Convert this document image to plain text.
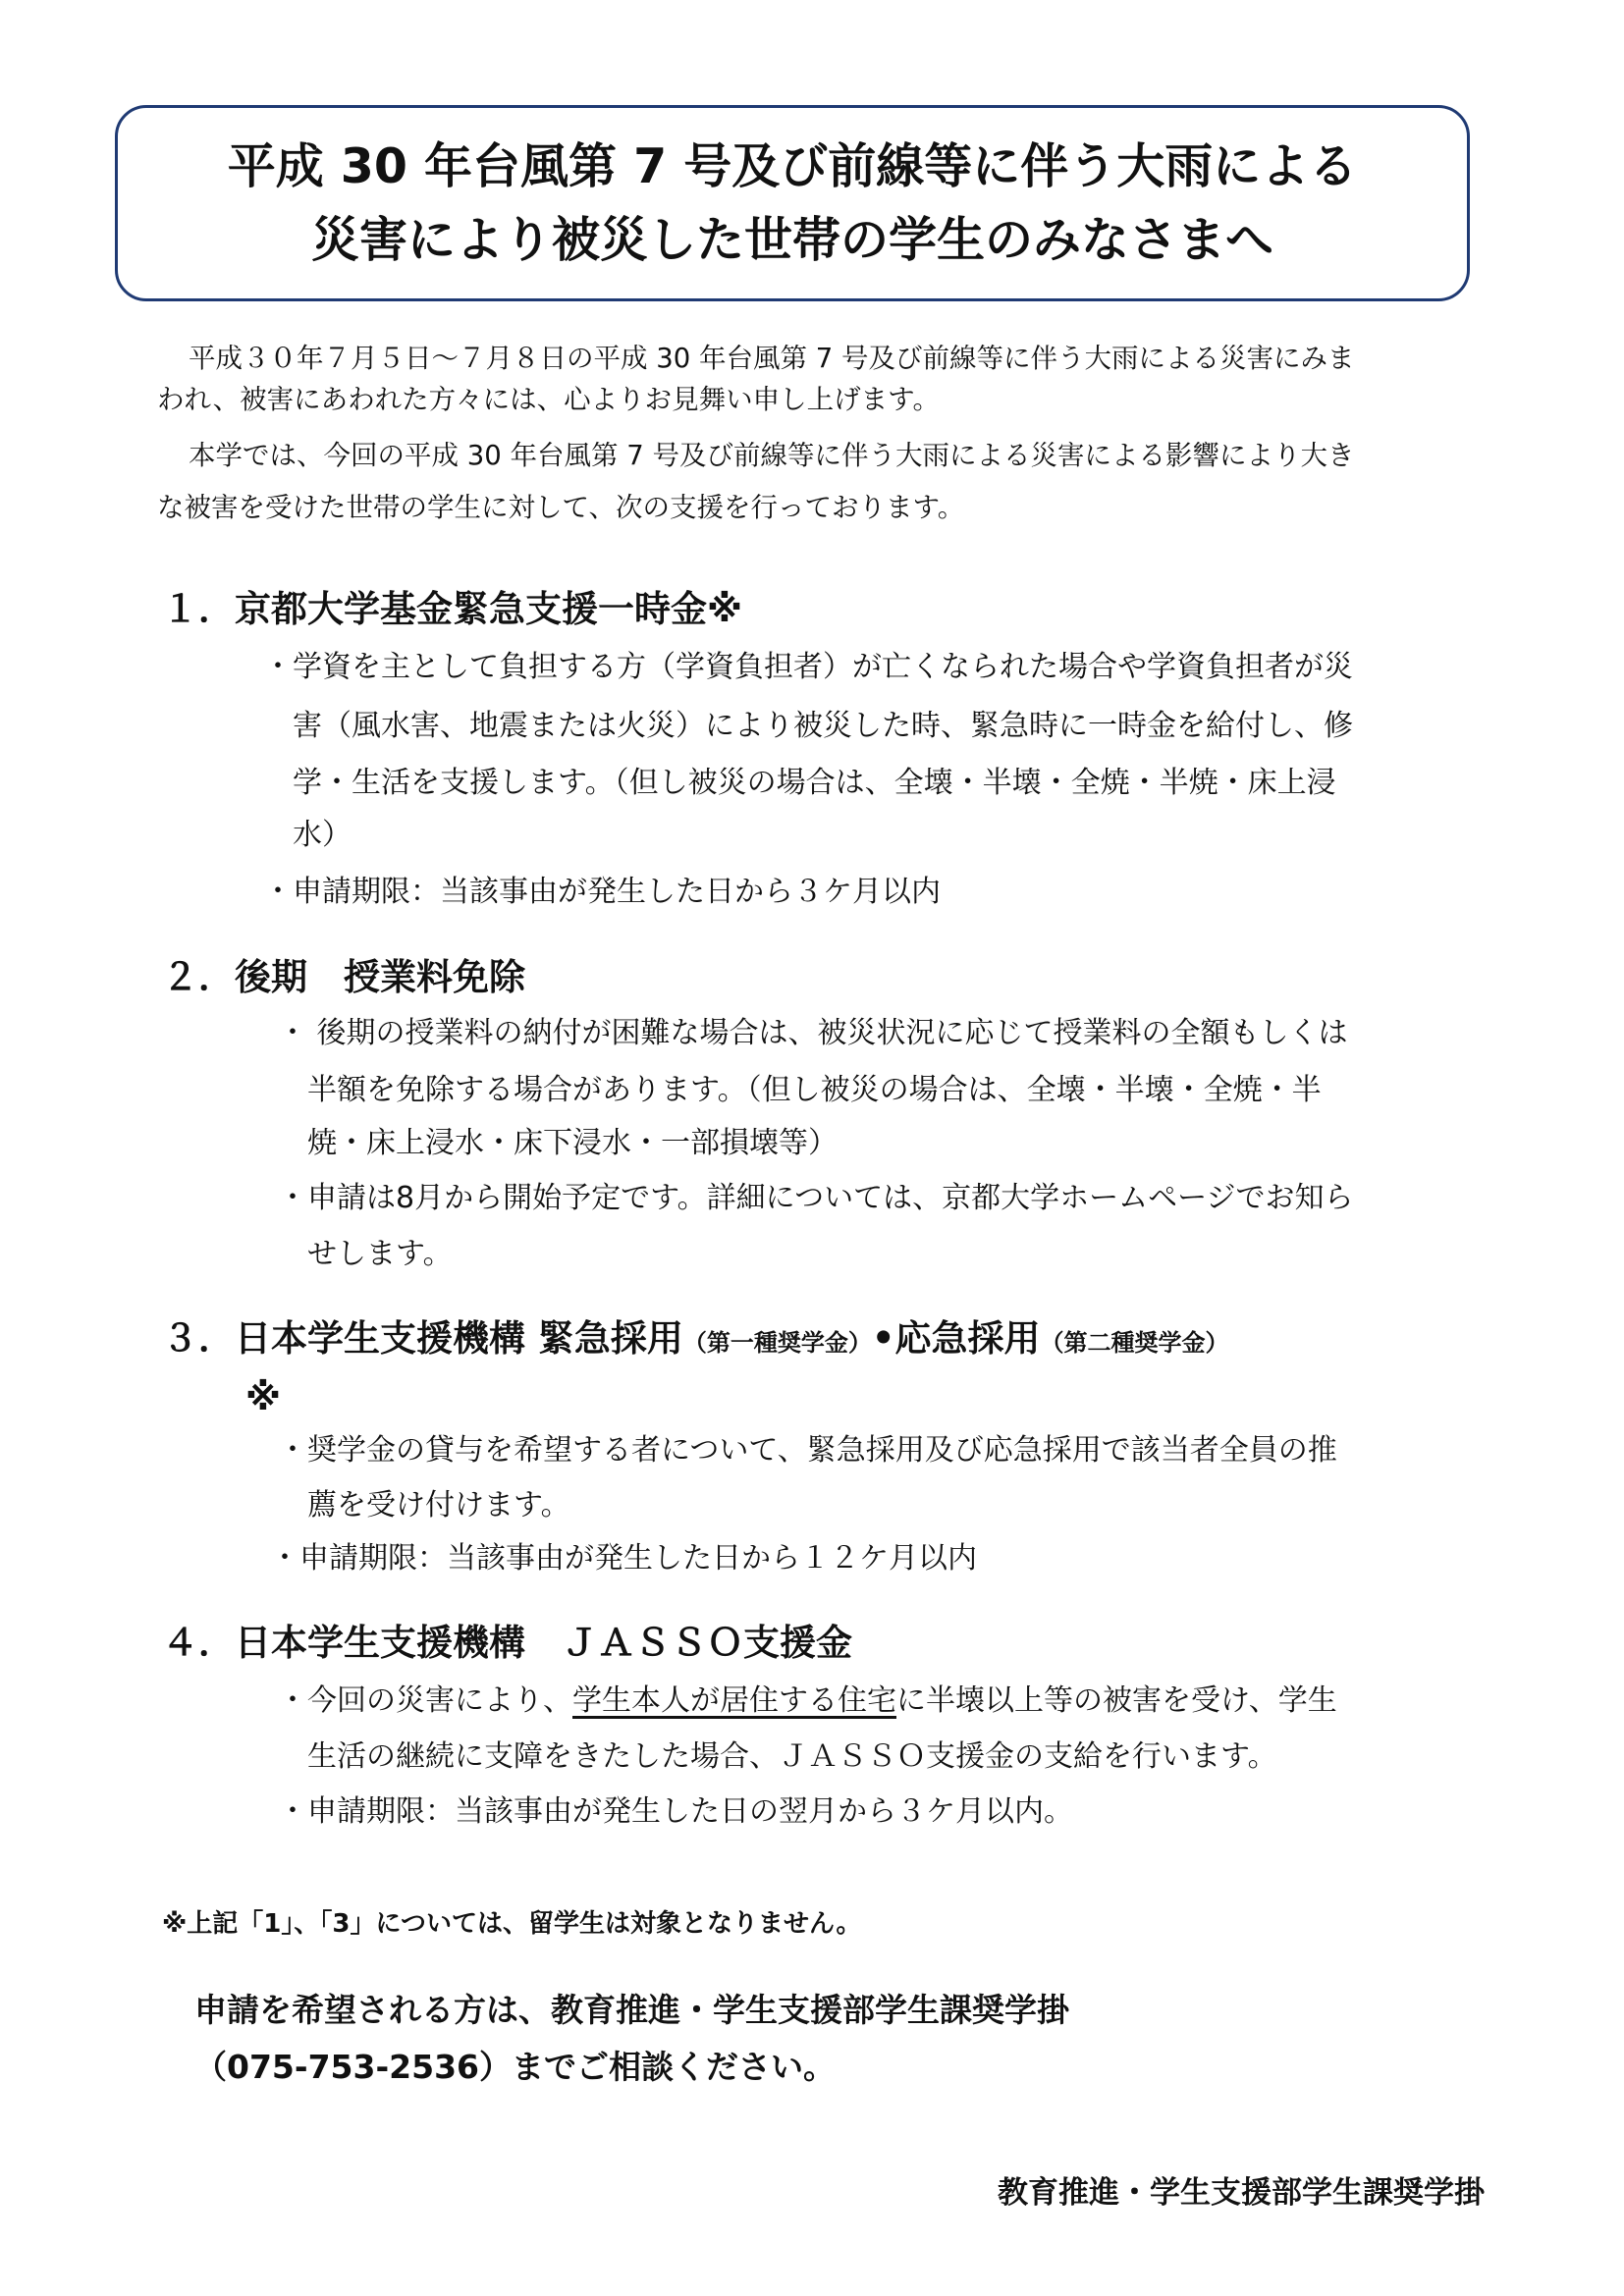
平成 30 年台風第 7 号及び前線等に伴う大雨による
災害により被災した世帯の学生のみなさまへ
平成３０年７月５日～７月８日の平成 30 年台風第 7 号及び前線等に伴う大雨による災害にみま
われ、被害にあわれた方々には、心よりお見舞い申し上げます。
本学では、今回の平成 30 年台風第 7 号及び前線等に伴う大雨による災害による影響により大き
な被害を受けた世帯の学生に対して、次の支援を行っております。
１．京都大学基金緊急支援一時金※
・学資を主として負担する方（学資負担者）が亡くなられた場合や学資負担者が災
害（風水害、地震または火災）により被災した時、緊急時に一時金を給付し、修
学・生活を支援します。（但し被災の場合は、全壊・半壊・全焼・半焼・床上浸
水）
・申請期限：当該事由が発生した日から３ケ月以内
２．後期　授業料免除
・ 後期の授業料の納付が困難な場合は、被災状況に応じて授業料の全額もしくは
半額を免除する場合があります。（但し被災の場合は、全壊・半壊・全焼・半
焼・床上浸水・床下浸水・一部損壊等）
・申請は8月から開始予定です。詳細については、京都大学ホームページでお知ら
せします。
３．日本学生支援機構 緊急採用（第一種奨学金）•応急採用（第二種奨学金）
※
・奨学金の貸与を希望する者について、緊急採用及び応急採用で該当者全員の推
薦を受け付けます。
・申請期限：当該事由が発生した日から１２ケ月以内
４．日本学生支援機構　ＪＡＳＳＯ支援金
・今回の災害により、学生本人が居住する住宅に半壊以上等の被害を受け、学生
生活の継続に支障をきたした場合、ＪＡＳＳＯ支援金の支給を行います。
・申請期限：当該事由が発生した日の翌月から３ケ月以内。
※上記「1」、「3」については、留学生は対象となりません。
申請を希望される方は、教育推進・学生支援部学生課奨学掛
（075-753-2536）までご相談ください。
教育推進・学生支援部学生課奨学掛
